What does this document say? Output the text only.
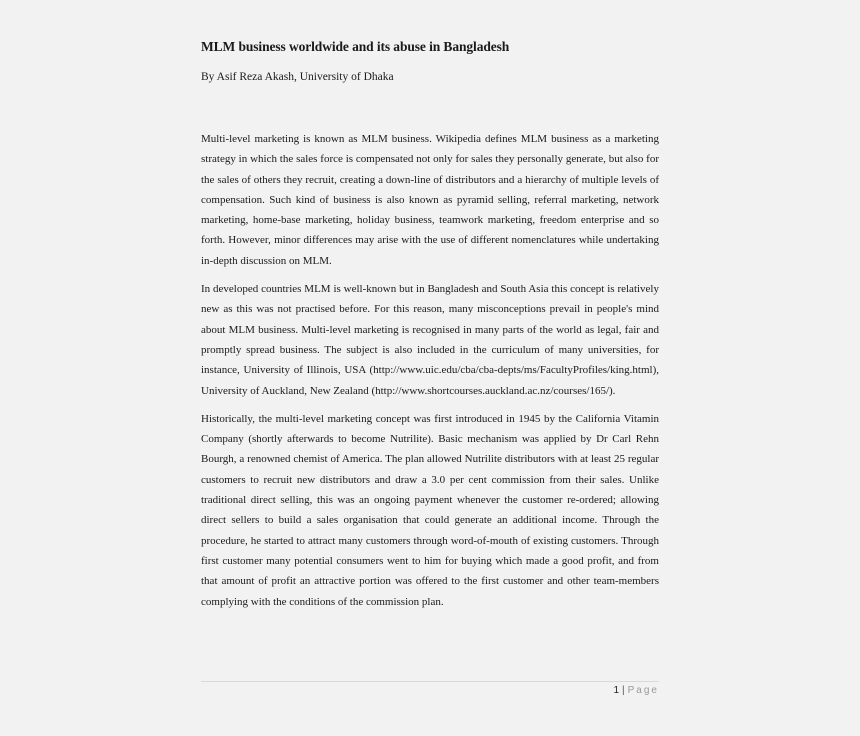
MLM business worldwide and its abuse in Bangladesh

By Asif Reza Akash, University of Dhaka

Multi-level marketing is known as MLM business. Wikipedia defines MLM business as a marketing strategy in which the sales force is compensated not only for sales they personally generate, but also for the sales of others they recruit, creating a down-line of distributors and a hierarchy of multiple levels of compensation. Such kind of business is also known as pyramid selling, referral marketing, network marketing, home-base marketing, holiday business, teamwork marketing, freedom enterprise and so forth. However, minor differences may arise with the use of different nomenclatures while undertaking in-depth discussion on MLM.

In developed countries MLM is well-known but in Bangladesh and South Asia this concept is relatively new as this was not practised before. For this reason, many misconceptions prevail in people's mind about MLM business. Multi-level marketing is recognised in many parts of the world as legal, fair and promptly spread business. The subject is also included in the curriculum of many universities, for instance, University of Illinois, USA (http://www.uic.edu/cba/cba-depts/ms/FacultyProfiles/king.html), University of Auckland, New Zealand (http://www.shortcourses.auckland.ac.nz/courses/165/).

Historically, the multi-level marketing concept was first introduced in 1945 by the California Vitamin Company (shortly afterwards to become Nutrilite). Basic mechanism was applied by Dr Carl Rehn Bourgh, a renowned chemist of America. The plan allowed Nutrilite distributors with at least 25 regular customers to recruit new distributors and draw a 3.0 per cent commission from their sales. Unlike traditional direct selling, this was an ongoing payment whenever the customer re-ordered; allowing direct sellers to build a sales organisation that could generate an additional income. Through the procedure, he started to attract many customers through word-of-mouth of existing customers. Through first customer many potential consumers went to him for buying which made a good profit, and from that amount of profit an attractive portion was offered to the first customer and other team-members complying with the conditions of the commission plan.

1 | Page
